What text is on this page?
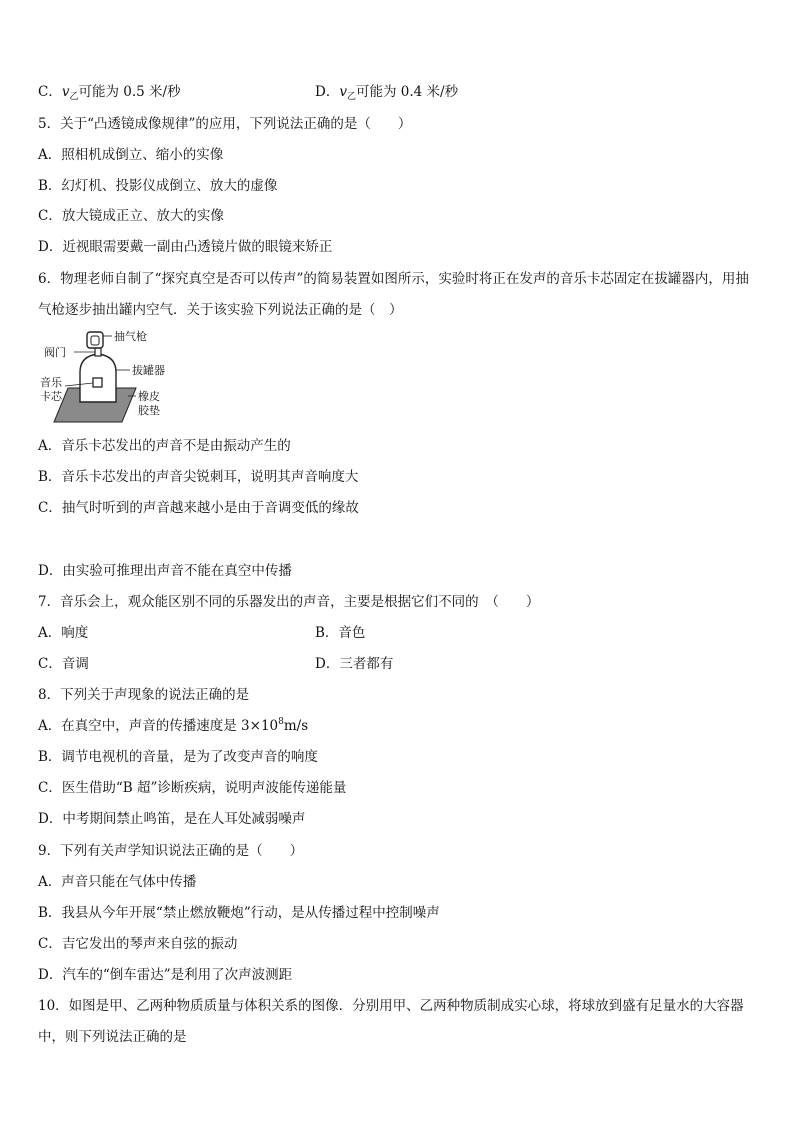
C．$v_乙$可能为 0.5 米/秒	D．$v_乙$可能为 0.4 米/秒
5．关于“凸透镜成像规律”的应用，下列说法正确的是（　　）
A．照相机成倒立、缩小的实像
B．幻灯机、投影仪成倒立、放大的虚像
C．放大镜成正立、放大的实像
D．近视眼需要戴一副由凸透镜片做的眼镜来矫正
6．物理老师自制了“探究真空是否可以传声”的简易装置如图所示，实验时将正在发声的音乐卡芯固定在拔罐器内，用抽气枪逐步抽出罐内空气．关于该实验下列说法正确的是（　）
抽气枪
阀门
拔罐器
音乐
卡芯	橡皮
胶垫
A．音乐卡芯发出的声音不是由振动产生的
B．音乐卡芯发出的声音尖锐刺耳，说明其声音响度大
C．抽气时听到的声音越来越小是由于音调变低的缘故
D．由实验可推理出声音不能在真空中传播
7．音乐会上，观众能区别不同的乐器发出的声音，主要是根据它们不同的　（　　）
A．响度	B．音色
C．音调	D．三者都有
8．下列关于声现象的说法正确的是
A．在真空中，声音的传播速度是 $3\times 10^8m/s$
B．调节电视机的音量，是为了改变声音的响度
C．医生借助“B 超”诊断疾病，说明声波能传递能量
D．中考期间禁止鸣笛，是在人耳处减弱噪声
9．下列有关声学知识说法正确的是（　　）
A．声音只能在气体中传播
B．我县从今年开展“禁止燃放鞭炮”行动，是从传播过程中控制噪声
C．吉它发出的琴声来自弦的振动
D．汽车的“倒车雷达”是利用了次声波测距
10．如图是甲、乙两种物质质量与体积关系的图像．分别用甲、乙两种物质制成实心球，将球放到盛有足量水的大容器中，则下列说法正确的是
